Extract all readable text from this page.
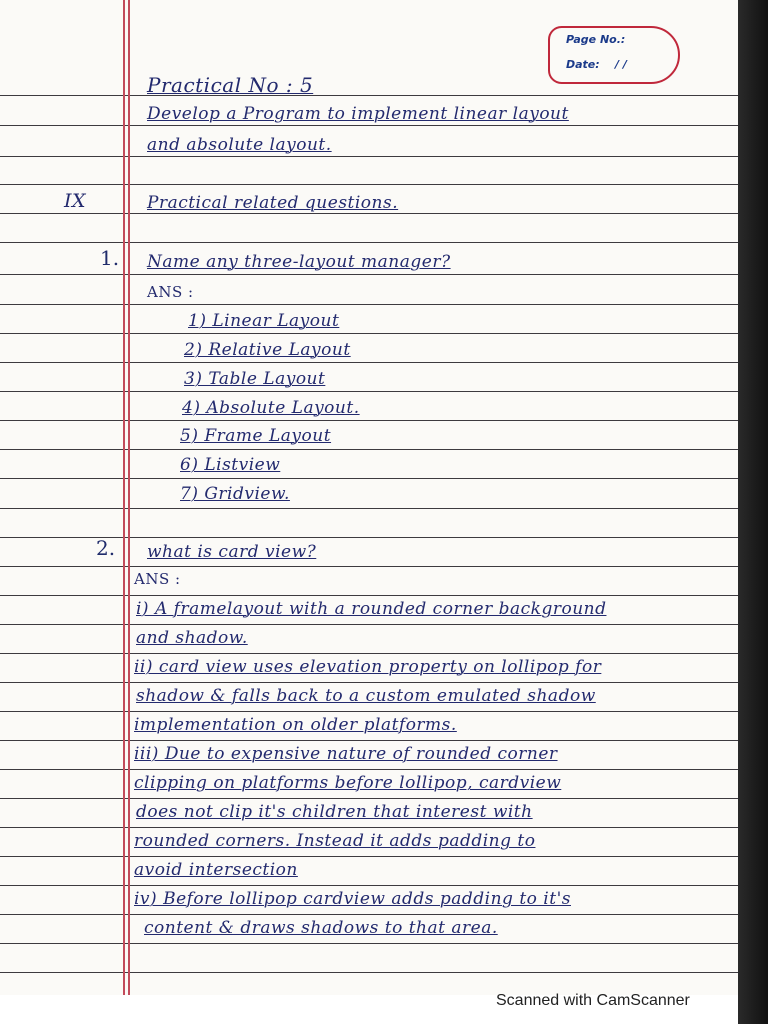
Page No.:
Date: / /
Practical No : 5
Develop a Program to implement linear layout
and absolute layout.
IX	Practical related questions.
1. Name any three-layout manager?
ANS :
1) Linear Layout
2) Relative Layout
3) Table Layout
4) Absolute Layout.
5) Frame Layout
6) Listview
7) Gridview.
2. what is card view?
ANS :
i) A framelayout with a rounded corner background
and shadow.
ii) card view uses elevation property on lollipop for
shadow & falls back to a custom emulated shadow
implementation on older platforms.
iii) Due to expensive nature of rounded corner
clipping on platforms before lollipop, cardview
does not clip it's children that interest with
rounded corners. Instead it adds padding to
avoid intersection
iv) Before lollipop cardview adds padding to it's
content & draws shadows to that area.
Scanned with CamScanner
